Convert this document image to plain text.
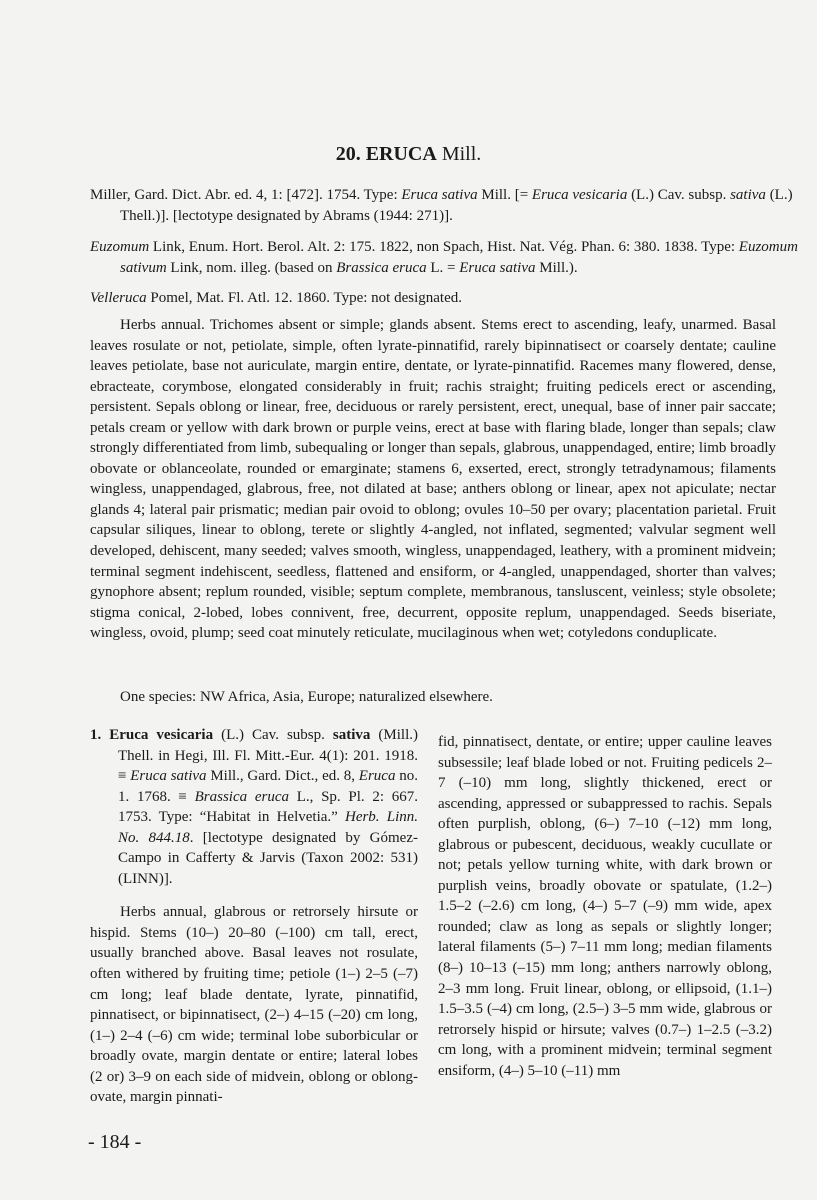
20. ERUCA Mill.

Miller, Gard. Dict. Abr. ed. 4, 1: [472]. 1754. Type: Eruca sativa Mill. [= Eruca vesicaria (L.) Cav. subsp. sativa (L.) Thell.)]. [lectotype designated by Abrams (1944: 271)].

Euzomum Link, Enum. Hort. Berol. Alt. 2: 175. 1822, non Spach, Hist. Nat. Vég. Phan. 6: 380. 1838. Type: Euzomum sativum Link, nom. illeg. (based on Brassica eruca L. = Eruca sativa Mill.).

Velleruca Pomel, Mat. Fl. Atl. 12. 1860. Type: not designated.

Herbs annual. Trichomes absent or simple; glands absent. Stems erect to ascending, leafy, unarmed. Basal leaves rosulate or not, petiolate, simple, often lyrate-pinnatifid, rarely bipinnatisect or coarsely dentate; cauline leaves petiolate, base not auriculate, margin entire, dentate, or lyrate-pinnatifid. Racemes many flowered, dense, ebracteate, corymbose, elongated considerably in fruit; rachis straight; fruiting pedicels erect or ascending, persistent. Sepals oblong or linear, free, deciduous or rarely persistent, erect, unequal, base of inner pair saccate; petals cream or yellow with dark brown or purple veins, erect at base with flaring blade, longer than sepals; claw strongly differentiated from limb, subequaling or longer than sepals, glabrous, unappendaged, entire; limb broadly obovate or oblanceolate, rounded or emarginate; stamens 6, exserted, erect, strongly tetradynamous; filaments wingless, unappendaged, glabrous, free, not dilated at base; anthers oblong or linear, apex not apiculate; nectar glands 4; lateral pair prismatic; median pair ovoid to oblong; ovules 10–50 per ovary; placentation parietal. Fruit capsular siliques, linear to oblong, terete or slightly 4-angled, not inflated, segmented; valvular segment well developed, dehiscent, many seeded; valves smooth, wingless, unappendaged, leathery, with a prominent midvein; terminal segment indehiscent, seedless, flattened and ensiform, or 4-angled, unappendaged, shorter than valves; gynophore absent; replum rounded, visible; septum complete, membranous, tansluscent, veinless; style obsolete; stigma conical, 2-lobed, lobes connivent, free, decurrent, opposite replum, unappendaged. Seeds biseriate, wingless, ovoid, plump; seed coat minutely reticulate, mucilaginous when wet; cotyledons conduplicate.

One species: NW Africa, Asia, Europe; naturalized elsewhere.

1. Eruca vesicaria (L.) Cav. subsp. sativa (Mill.) Thell. in Hegi, Ill. Fl. Mitt.-Eur. 4(1): 201. 1918. ≡ Eruca sativa Mill., Gard. Dict., ed. 8, Eruca no. 1. 1768. ≡ Brassica eruca L., Sp. Pl. 2: 667. 1753. Type: “Habitat in Helvetia.” Herb. Linn. No. 844.18. [lectotype designated by Gómez-Campo in Cafferty & Jarvis (Taxon 2002: 531) (LINN)].

Herbs annual, glabrous or retrorsely hirsute or hispid. Stems (10–) 20–80 (–100) cm tall, erect, usually branched above. Basal leaves not rosulate, often withered by fruiting time; petiole (1–) 2–5 (–7) cm long; leaf blade dentate, lyrate, pinnatifid, pinnatisect, or bipinnatisect, (2–) 4–15 (–20) cm long, (1–) 2–4 (–6) cm wide; terminal lobe suborbicular or broadly ovate, margin dentate or entire; lateral lobes (2 or) 3–9 on each side of midvein, oblong or oblong-ovate, margin pinnati-

fid, pinnatisect, dentate, or entire; upper cauline leaves subsessile; leaf blade lobed or not. Fruiting pedicels 2–7 (–10) mm long, slightly thickened, erect or ascending, appressed or subappressed to rachis. Sepals often purplish, oblong, (6–) 7–10 (–12) mm long, glabrous or pubescent, deciduous, weakly cucullate or not; petals yellow turning white, with dark brown or purplish veins, broadly obovate or spatulate, (1.2–) 1.5–2 (–2.6) cm long, (4–) 5–7 (–9) mm wide, apex rounded; claw as long as sepals or slightly longer; lateral filaments (5–) 7–11 mm long; median filaments (8–) 10–13 (–15) mm long; anthers narrowly oblong, 2–3 mm long. Fruit linear, oblong, or ellipsoid, (1.1–) 1.5–3.5 (–4) cm long, (2.5–) 3–5 mm wide, glabrous or retrorsely hispid or hirsute; valves (0.7–) 1–2.5 (–3.2) cm long, with a prominent midvein; terminal segment ensiform, (4–) 5–10 (–11) mm

- 184 -
